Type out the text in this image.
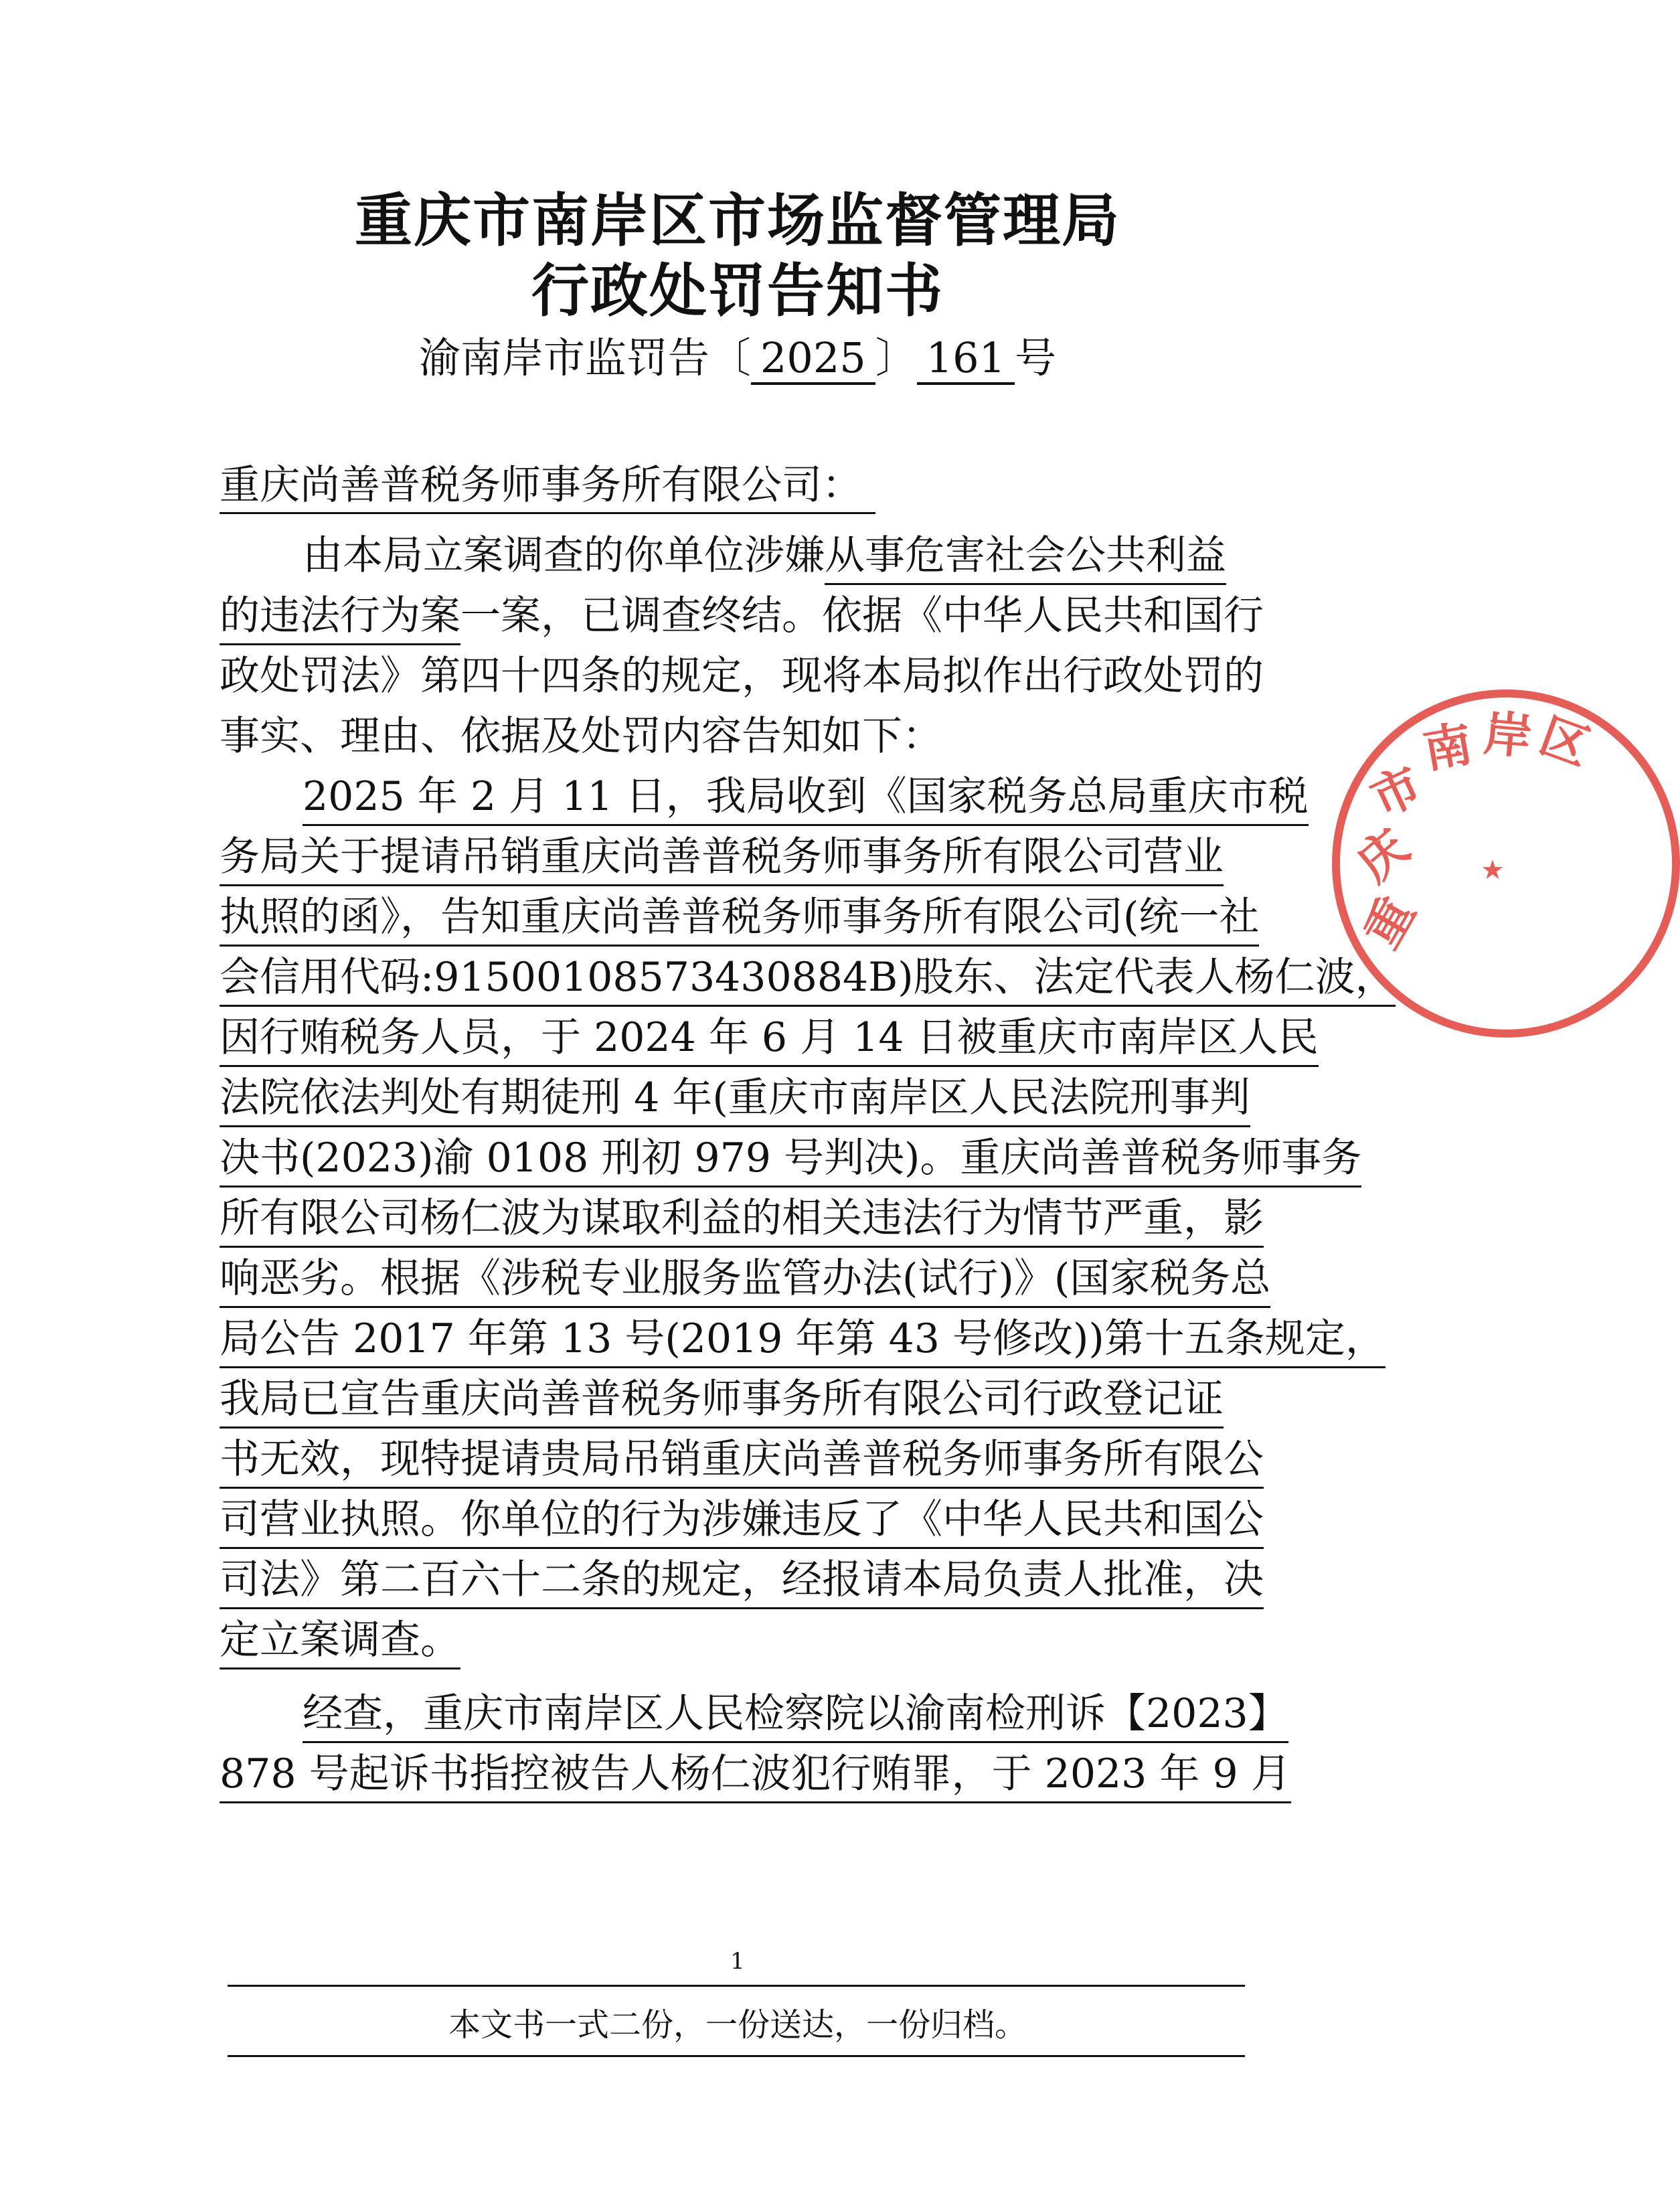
重庆市南岸区市场监督管理局
行政处罚告知书
渝南岸市监罚告〔 2025 〕 161 号
重庆尚善普税务师事务所有限公司：
由本局立案调查的你单位涉嫌从事危害社会公共利益
的违法行为案一案，已调查终结。依据《中华人民共和国行
政处罚法》第四十四条的规定，现将本局拟作出行政处罚的
事实、理由、依据及处罚内容告知如下：
2025 年 2 月 11 日，我局收到《国家税务总局重庆市税
务局关于提请吊销重庆尚善普税务师事务所有限公司营业
执照的函》，告知重庆尚善普税务师事务所有限公司(统一社
会信用代码:91500108573430884B)股东、法定代表人杨仁波，
因行贿税务人员，于 2024 年 6 月 14 日被重庆市南岸区人民
法院依法判处有期徒刑 4 年(重庆市南岸区人民法院刑事判
决书(2023)渝 0108 刑初 979 号判决)。重庆尚善普税务师事务
所有限公司杨仁波为谋取利益的相关违法行为情节严重，影
响恶劣。根据《涉税专业服务监管办法(试行)》(国家税务总
局公告 2017 年第 13 号(2019 年第 43 号修改))第十五条规定，
我局已宣告重庆尚善普税务师事务所有限公司行政登记证
书无效，现特提请贵局吊销重庆尚善普税务师事务所有限公
司营业执照。你单位的行为涉嫌违反了《中华人民共和国公
司法》第二百六十二条的规定，经报请本局负责人批准，决
定立案调查。
经查，重庆市南岸区人民检察院以渝南检刑诉【2023】
878 号起诉书指控被告人杨仁波犯行贿罪，于 2023 年 9 月
1
本文书一式二份，一份送达，一份归档。
重
庆
市
南 岸
区
★
